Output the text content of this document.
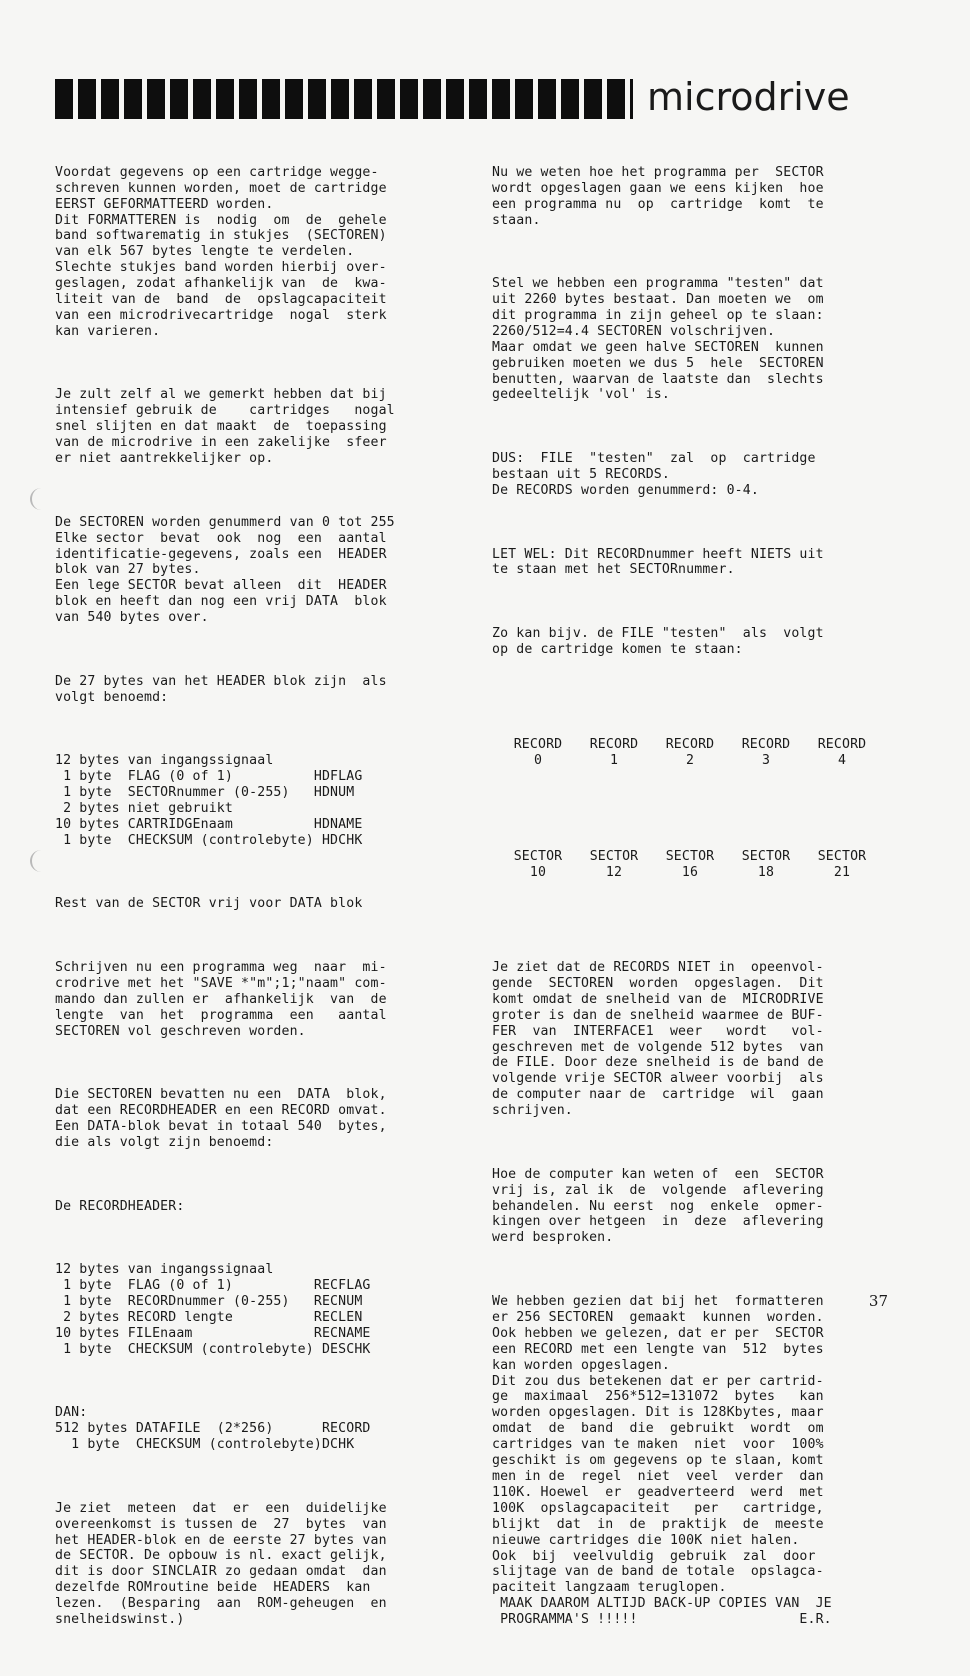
microdrive

Voordat gegevens op een cartridge wegge-
schreven kunnen worden, moet de cartridge
EERST GEFORMATTEERD worden.
Dit FORMATTEREN is  nodig  om  de  gehele
band softwarematig in stukjes  (SECTOREN)
van elk 567 bytes lengte te verdelen.
Slechte stukjes band worden hierbij over-
geslagen, zodat afhankelijk van  de  kwa-
liteit van de  band  de  opslagcapaciteit
van een microdrivecartridge  nogal  sterk
kan varieren.

Je zult zelf al we gemerkt hebben dat bij
intensief gebruik de    cartridges   nogal
snel slijten en dat maakt  de  toepassing
van de microdrive in een zakelijke  sfeer
er niet aantrekkelijker op.

De SECTOREN worden genummerd van 0 tot 255
Elke sector  bevat  ook  nog  een  aantal
identificatie-gegevens, zoals een  HEADER
blok van 27 bytes.
Een lege SECTOR bevat alleen  dit  HEADER
blok en heeft dan nog een vrij DATA  blok
van 540 bytes over.

De 27 bytes van het HEADER blok zijn  als
volgt benoemd:

12 bytes van ingangssignaal
1 byte  FLAG (0 of 1)          HDFLAG
1 byte  SECTORnummer (0-255)   HDNUM
2 bytes niet gebruikt
10 bytes CARTRIDGEnaam          HDNAME
1 byte  CHECKSUM (controlebyte) HDCHK

Rest van de SECTOR vrij voor DATA blok

Schrijven nu een programma weg  naar  mi-
crodrive met het "SAVE *"m";1;"naam" com-
mando dan zullen er  afhankelijk  van  de
lengte  van  het  programma  een   aantal
SECTOREN vol geschreven worden.

Die SECTOREN bevatten nu een  DATA  blok,
dat een RECORDHEADER en een RECORD omvat.
Een DATA-blok bevat in totaal 540  bytes,
die als volgt zijn benoemd:

De RECORDHEADER:

12 bytes van ingangssignaal
1 byte  FLAG (0 of 1)          RECFLAG
1 byte  RECORDnummer (0-255)   RECNUM
2 bytes RECORD lengte          RECLEN
10 bytes FILEnaam               RECNAME
1 byte  CHECKSUM (controlebyte) DESCHK

DAN:
512 bytes DATAFILE  (2*256)      RECORD
1 byte  CHECKSUM (controlebyte)DCHK

Je ziet  meteen  dat  er  een  duidelijke
overeenkomst is tussen de  27  bytes  van
het HEADER-blok en de eerste 27 bytes van
de SECTOR. De opbouw is nl. exact gelijk,
dit is door SINCLAIR zo gedaan omdat  dan
dezelfde ROMroutine beide  HEADERS  kan
lezen.  (Besparing  aan  ROM-geheugen  en
snelheidswinst.)

Nu we weten hoe het programma per  SECTOR
wordt opgeslagen gaan we eens kijken  hoe
een programma nu  op  cartridge  komt  te
staan.

Stel we hebben een programma "testen" dat
uit 2260 bytes bestaat. Dan moeten we  om
dit programma in zijn geheel op te slaan:
2260/512=4.4 SECTOREN volschrijven.
Maar omdat we geen halve SECTOREN  kunnen
gebruiken moeten we dus 5  hele  SECTOREN
benutten, waarvan de laatste dan  slechts
gedeeltelijk 'vol' is.

DUS:  FILE  "testen"  zal  op  cartridge
bestaan uit 5 RECORDS.
De RECORDS worden genummerd: 0-4.

LET WEL: Dit RECORDnummer heeft NIETS uit
te staan met het SECTORnummer.

Zo kan bijv. de FILE "testen"  als  volgt
op de cartridge komen te staan:

RECORD
0
RECORD
1
RECORD
2
RECORD
3
RECORD
4

SECTOR
10
SECTOR
12
SECTOR
16
SECTOR
18
SECTOR
21

Je ziet dat de RECORDS NIET in  opeenvol-
gende  SECTOREN  worden  opgeslagen.  Dit
komt omdat de snelheid van de  MICRODRIVE
groter is dan de snelheid waarmee de BUF-
FER  van  INTERFACE1  weer   wordt   vol-
geschreven met de volgende 512 bytes  van
de FILE. Door deze snelheid is de band de
volgende vrije SECTOR alweer voorbij  als
de computer naar de  cartridge  wil  gaan
schrijven.

Hoe de computer kan weten of  een  SECTOR
vrij is, zal ik  de  volgende  aflevering
behandelen. Nu eerst  nog  enkele  opmer-
kingen over hetgeen  in  deze  aflevering
werd besproken.

We hebben gezien dat bij het  formatteren
er 256 SECTOREN  gemaakt  kunnen  worden.
Ook hebben we gelezen, dat er per  SECTOR
een RECORD met een lengte van  512  bytes
kan worden opgeslagen.
Dit zou dus betekenen dat er per cartrid-
ge  maximaal  256*512=131072  bytes   kan
worden opgeslagen. Dit is 128Kbytes, maar
omdat  de  band  die  gebruikt  wordt  om
cartridges van te maken  niet  voor  100%
geschikt is om gegevens op te slaan, komt
men in de  regel  niet  veel  verder  dan
110K. Hoewel  er  geadverteerd  werd  met
100K  opslagcapaciteit   per   cartridge,
blijkt  dat  in  de  praktijk  de  meeste
nieuwe cartridges die 100K niet halen.
Ook  bij  veelvuldig  gebruik  zal  door
slijtage van de band de totale  opslagca-
paciteit langzaam teruglopen.
MAAK DAAROM ALTIJD BACK-UP COPIES VAN  JE
PROGRAMMA'S !!!!!                    E.R.

37
